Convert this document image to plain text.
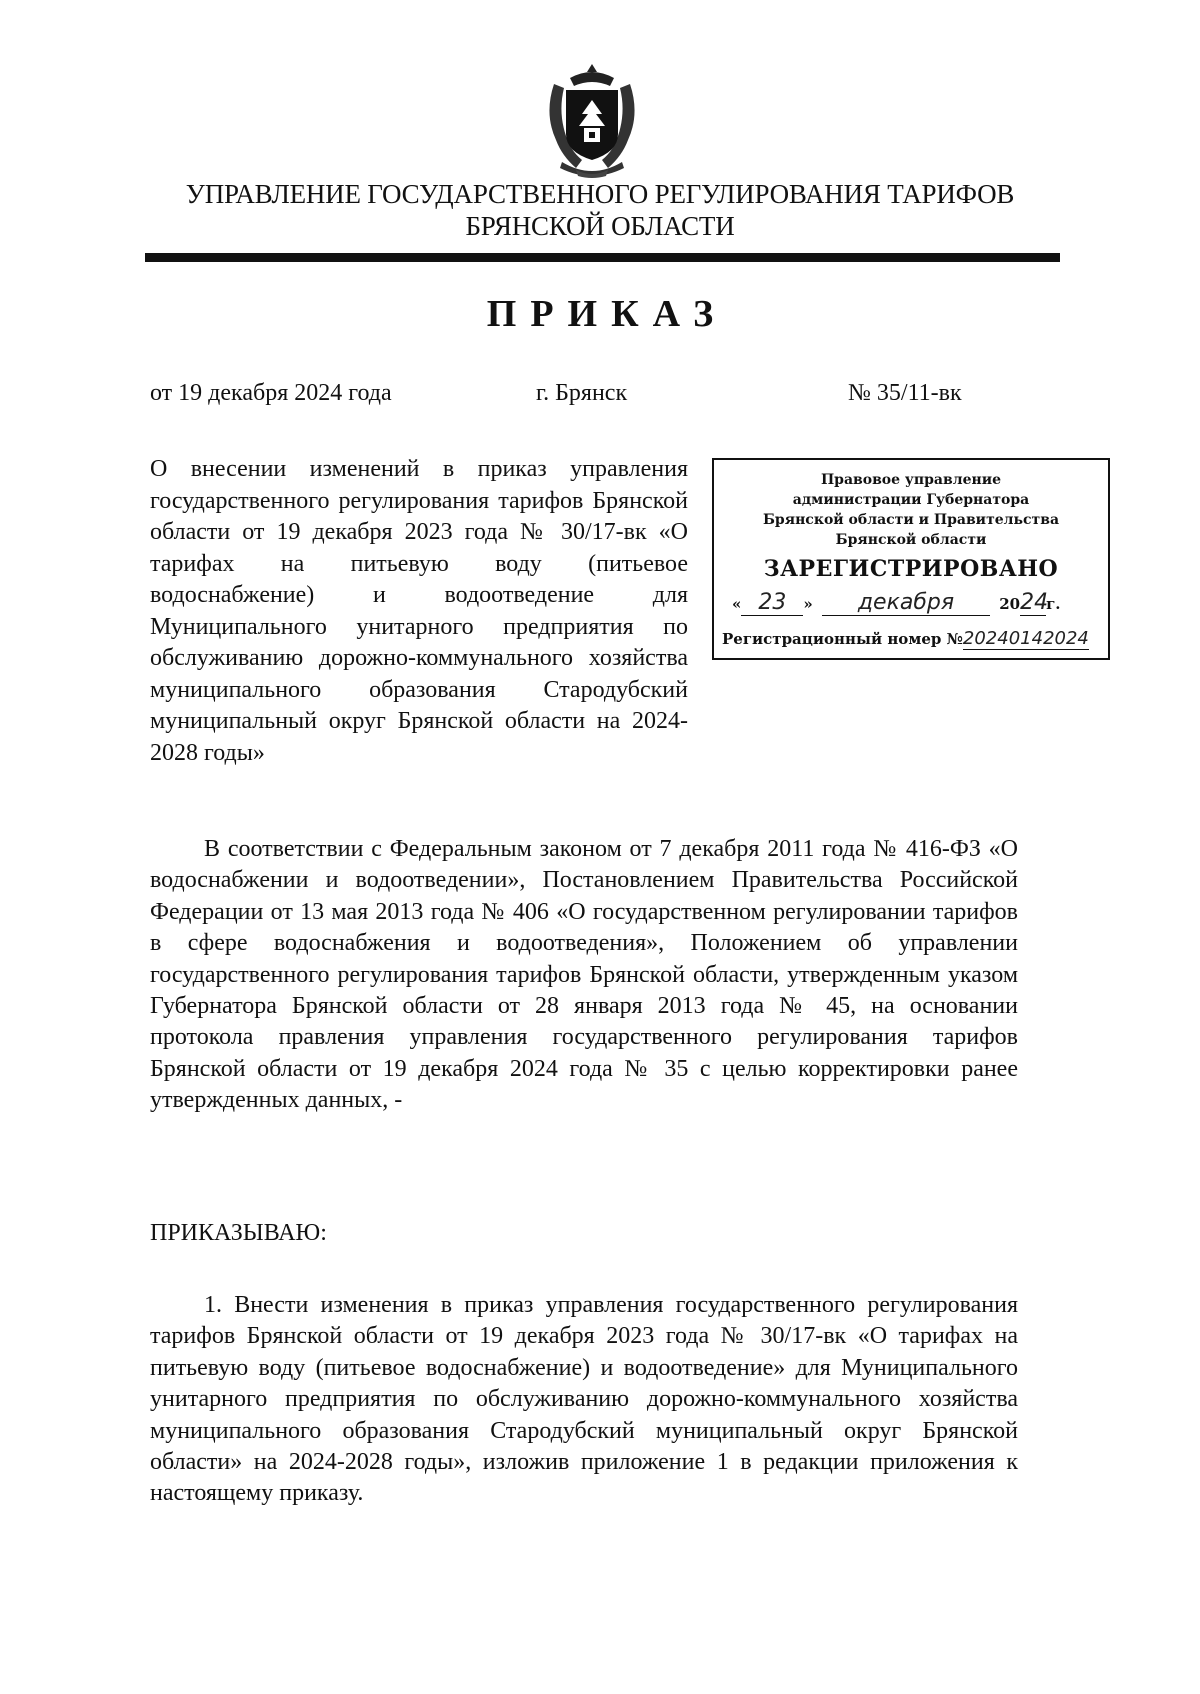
УПРАВЛЕНИЕ ГОСУДАРСТВЕННОГО РЕГУЛИРОВАНИЯ ТАРИФОВ
БРЯНСКОЙ ОБЛАСТИ
ПРИКАЗ
от 19 декабря 2024 года	г. Брянск	№ 35/11-вк
О внесении изменений в приказ управления государственного регулирования тарифов Брянской области от 19 декабря 2023 года № 30/17-вк «О тарифах на питьевую воду (питьевое водоснабжение) и водоотведение для Муниципального унитарного предприятия по обслуживанию дорожно-коммунального хозяйства муниципального образования Стародубский муниципальный округ Брянской области на 2024-2028 годы»
Правовое управление
администрации Губернатора
Брянской области и Правительства
Брянской области
ЗАРЕГИСТРИРОВАНО
« 23 » декабря	2024г.
Регистрационный номер №20240142024
В соответствии с Федеральным законом от 7 декабря 2011 года № 416-ФЗ «О водоснабжении и водоотведении», Постановлением Правительства Российской Федерации от 13 мая 2013 года № 406 «О государственном регулировании тарифов в сфере водоснабжения и водоотведения», Положением об управлении государственного регулирования тарифов Брянской области, утвержденным указом Губернатора Брянской области от 28 января 2013 года № 45, на основании протокола правления управления государственного регулирования тарифов Брянской области от 19 декабря 2024 года № 35 с целью корректировки ранее утвержденных данных, -
ПРИКАЗЫВАЮ:
1. Внести изменения в приказ управления государственного регулирования тарифов Брянской области от 19 декабря 2023 года № 30/17-вк «О тарифах на питьевую воду (питьевое водоснабжение) и водоотведение» для Муниципального унитарного предприятия по обслуживанию дорожно-коммунального хозяйства муниципального образования Стародубский муниципальный округ Брянской области» на 2024-2028 годы», изложив приложение 1 в редакции приложения к настоящему приказу.
